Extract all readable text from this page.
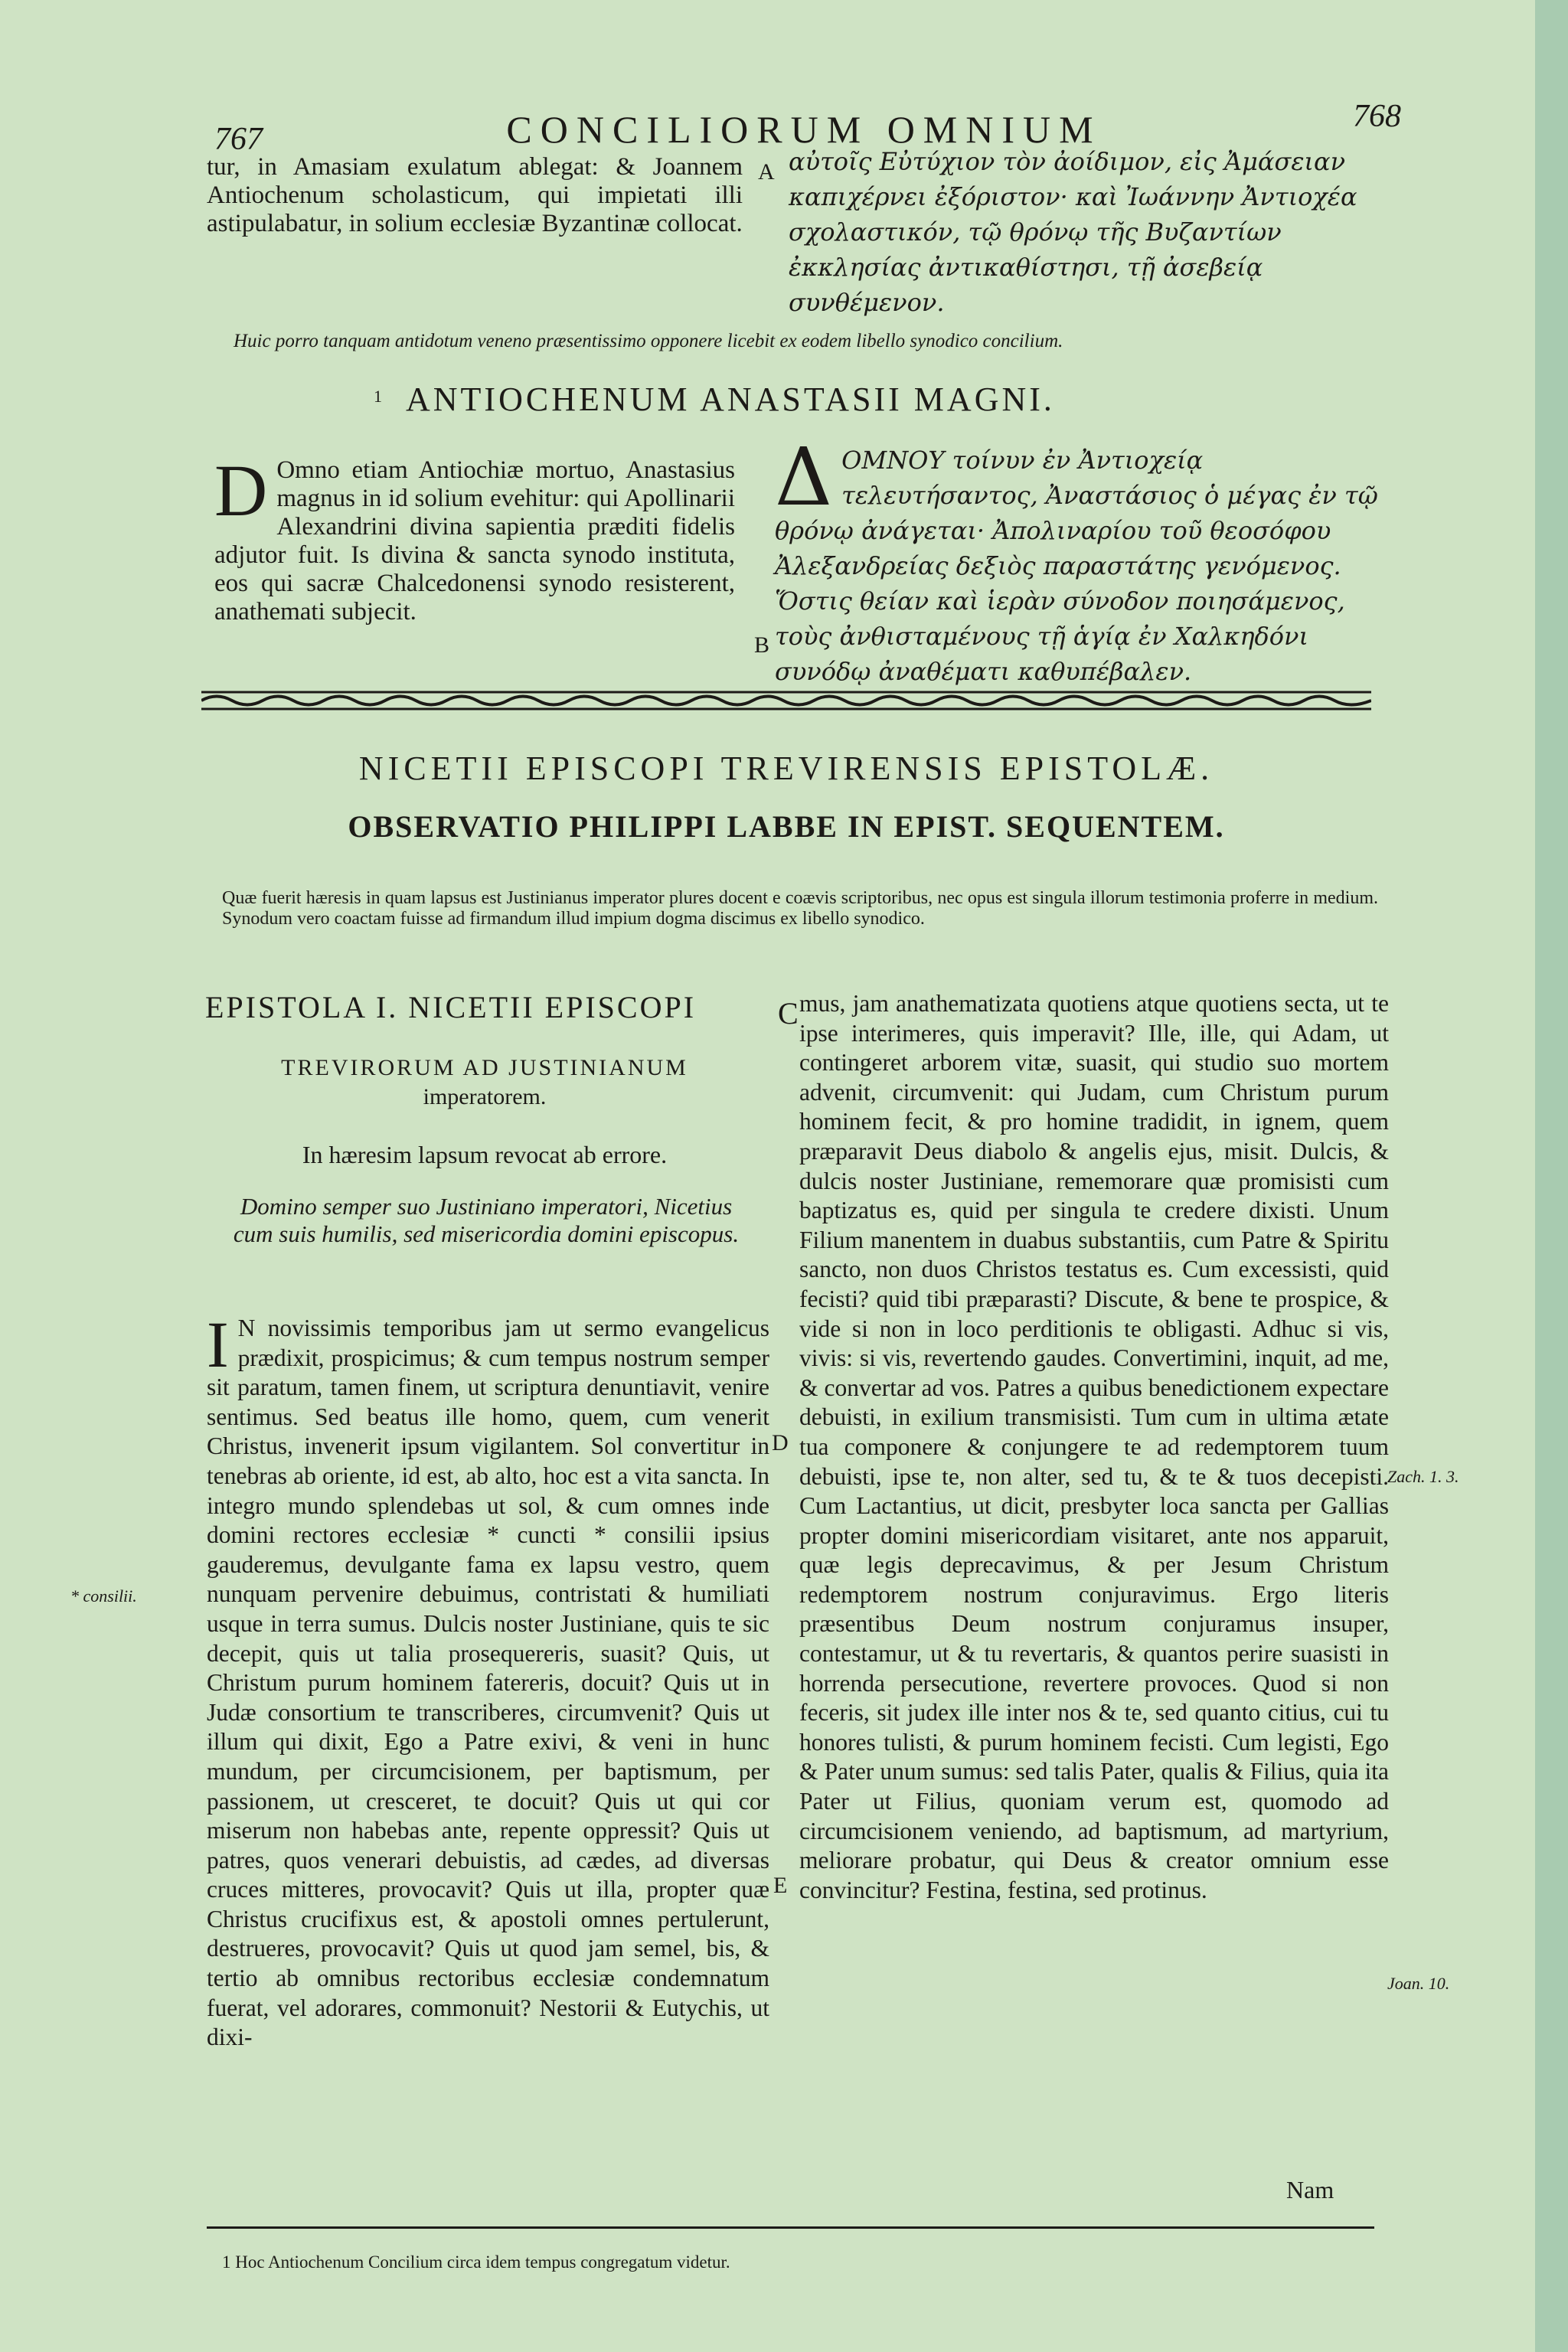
767	CONCILIORUM OMNIUM	768

tur, in Amasiam exulatum ablegat: & Joannem Antiochenum scholasticum, qui impietati illi astipulabatur, in solium ecclesiæ Byzantinæ collocat.

A αὐτοῖς Εὐτύχιον τὸν ἀοίδιμον, εἰς Ἀμάσειαν καπιχέρνει ἐξόριστον· καὶ Ἰωάννην Ἀντιοχέα σχολαστικόν, τῷ θρόνῳ τῆς Βυζαντίων ἐκκλησίας ἀντικαθίστησι, τῇ ἀσεβείᾳ συνθέμενον.

Huic porro tanquam antidotum veneno præsentissimo opponere licebit ex eodem libello synodico concilium.
1 ANTIOCHENUM ANASTASII MAGNI.
D Omno etiam Antiochiæ mortuo, Anastasius magnus in id solium evehitur: qui Apollinarii Alexandrini divina sapientia præditi fidelis adjutor fuit. Is divina & sancta synodo instituta, eos qui sacræ Chalcedonensi synodo resisterent, anathemati subjecit.
Δ ΟΜΝΟΥ τοίνυν ἐν Ἀντιοχείᾳ τελευτήσαντος, Ἀναστάσιος ὁ μέγας ἐν τῷ θρόνῳ ἀνάγεται· Ἀπολιναρίου τοῦ θεοσόφου Ἀλεξανδρείας δεξιὸς παραστάτης γενόμενος. Ὅστις θείαν καὶ ἱερὰν σύνοδον ποιησάμενος, τοὺς ἀνθισταμένους τῇ ἁγίᾳ ἐν Χαλκηδόνι συνόδῳ ἀναθέματι καθυπέβαλεν.
B
NICETII EPISCOPI TREVIRENSIS EPISTOLÆ.
OBSERVATIO PHILIPPI LABBE IN EPIST. SEQUENTEM.
Quæ fuerit hæresis in quam lapsus est Justinianus imperator plures docent e coævis scriptoribus, nec opus est singula illorum testimonia proferre in medium. Synodum vero coactam fuisse ad firmandum illud impium dogma discimus ex libello synodico.
EPISTOLA I. NICETII EPISCOPI
TREVIRORUM AD JUSTINIANUM
imperatorem.
In hæresim lapsum revocat ab errore.
Domino semper suo Justiniano imperatori, Nicetius cum suis humilis, sed misericordia domini episcopus.
I N novissimis temporibus jam ut sermo evangelicus prædixit, prospicimus; & cum tempus nostrum semper sit paratum, tamen finem, ut scriptura denuntiavit, venire sentimus. Sed beatus ille homo, quem, cum venerit Christus, invenerit ipsum vigilantem. Sol convertitur in tenebras ab oriente, id est, ab alto, hoc est a vita sancta. In integro mundo splendebas ut sol, & cum omnes inde domini rectores ecclesiæ * cuncti * consilii ipsius gauderemus, devulgante fama ex lapsu vestro, quem nunquam pervenire debuimus, contristati & humiliati usque in terra sumus. Dulcis noster Justiniane, quis te sic decepit, quis ut talia prosequereris, suasit? Quis, ut Christum purum hominem fatereris, docuit? Quis ut in Judæ consortium te transcriberes, circumvenit? Quis ut illum qui dixit, Ego a Patre exivi, & veni in hunc mundum, per circumcisionem, per baptismum, per passionem, ut cresceret, te docuit? Quis ut qui cor miserum non habebas ante, repente oppressit? Quis ut patres, quos venerari debuistis, ad cædes, ad diversas cruces mitteres, provocavit? Quis ut illa, propter quæ Christus crucifixus est, & apostoli omnes pertulerunt, destrueres, provocavit? Quis ut quod jam semel, bis, & tertio ab omnibus rectoribus ecclesiæ condemnatum fuerat, vel adorares, commonuit? Nestorii & Eutychis, ut dixi-
* consilii.
C
D
E
mus, jam anathematizata quotiens atque quotiens secta, ut te ipse interimeres, quis imperavit? Ille, ille, qui Adam, ut contingeret arborem vitæ, suasit, qui studio suo mortem advenit, circumvenit: qui Judam, cum Christum purum hominem fecit, & pro homine tradidit, in ignem, quem præparavit Deus diabolo & angelis ejus, misit. Dulcis, & dulcis noster Justiniane, rememorare quæ promisisti cum baptizatus es, quid per singula te credere dixisti. Unum Filium manentem in duabus substantiis, cum Patre & Spiritu sancto, non duos Christos testatus es. Cum excessisti, quid fecisti? quid tibi præparasti? Discute, & bene te prospice, & vide si non in loco perditionis te obligasti. Adhuc si vis, vivis: si vis, revertendo gaudes. Convertimini, inquit, ad me, & convertar ad vos. Patres a quibus benedictionem expectare debuisti, in exilium transmisisti. Tum cum in ultima ætate tua componere & conjungere te ad redemptorem tuum debuisti, ipse te, non alter, sed tu, & te & tuos decepisti. Cum Lactantius, ut dicit, presbyter loca sancta per Gallias propter domini misericordiam visitaret, ante nos apparuit, quæ legis deprecavimus, & per Jesum Christum redemptorem nostrum conjuravimus. Ergo literis præsentibus Deum nostrum conjuramus insuper, contestamur, ut & tu revertaris, & quantos perire suasisti in horrenda persecutione, revertere provoces. Quod si non feceris, sit judex ille inter nos & te, sed quanto citius, cui tu honores tulisti, & purum hominem fecisti. Cum legisti, Ego & Pater unum sumus: sed talis Pater, qualis & Filius, quia ita Pater ut Filius, quoniam verum est, quomodo ad circumcisionem veniendo, ad baptismum, ad martyrium, meliorare probatur, qui Deus & creator omnium esse convincitur? Festina, festina, sed protinus.
Nam
Zach. 1. 3.
Joan. 10.
1 Hoc Antiochenum Concilium circa idem tempus congregatum videtur.
